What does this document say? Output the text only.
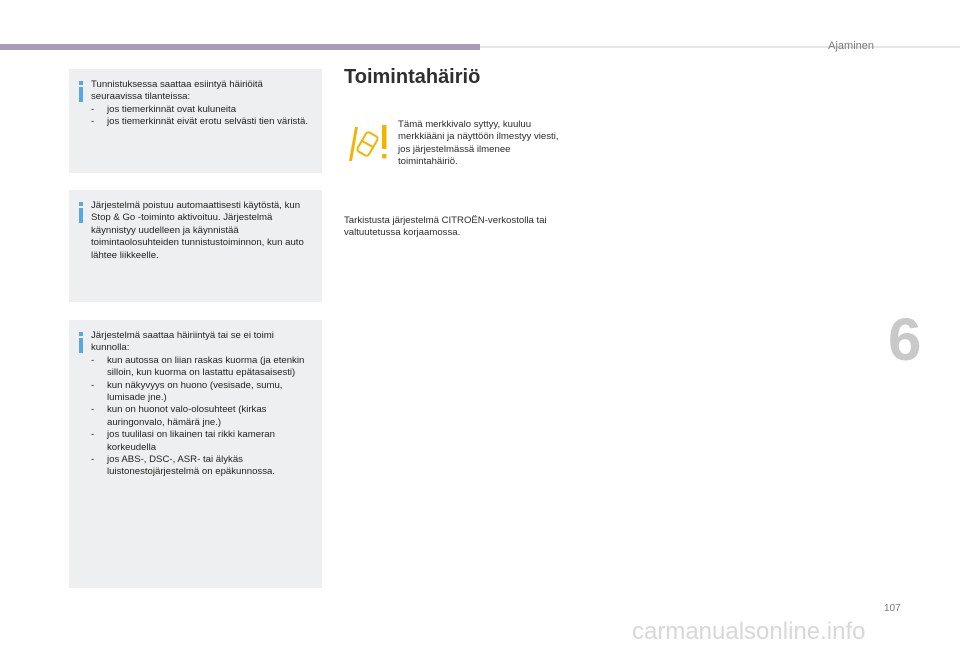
Ajaminen

Tunnistuksessa saattaa esiintyä häiriöitä seuraavissa tilanteissa:

- jos tiemerkinnät ovat kuluneita
- jos tiemerkinnät eivät erotu selvästi tien väristä.

Järjestelmä poistuu automaattisesti käytöstä, kun Stop & Go -toiminto aktivoituu. Järjestelmä käynnistyy uudelleen ja käynnistää toimintaolosuhteiden tunnistustoiminnon, kun auto lähtee liikkeelle.

Järjestelmä saattaa häiriintyä tai se ei toimi kunnolla:

- kun autossa on liian raskas kuorma (ja etenkin silloin, kun kuorma on lastattu epätasaisesti)
- kun näkyvyys on huono (vesisade, sumu, lumisade jne.)
- kun on huonot valo-olosuhteet (kirkas auringonvalo, hämärä jne.)
- jos tuulilasi on likainen tai rikki kameran korkeudella
- jos ABS-, DSC-, ASR- tai älykäs luistonestojärjestelmä on epäkunnossa.
Toimintahäiriö

Tämä merkkivalo syttyy, kuuluu merkkiääni ja näyttöön ilmestyy viesti, jos järjestelmässä ilmenee toimintahäiriö.

Tarkistusta järjestelmä CITROËN-verkostolla tai valtuutetussa korjaamossa.

6
107
carmanualsonline.info
